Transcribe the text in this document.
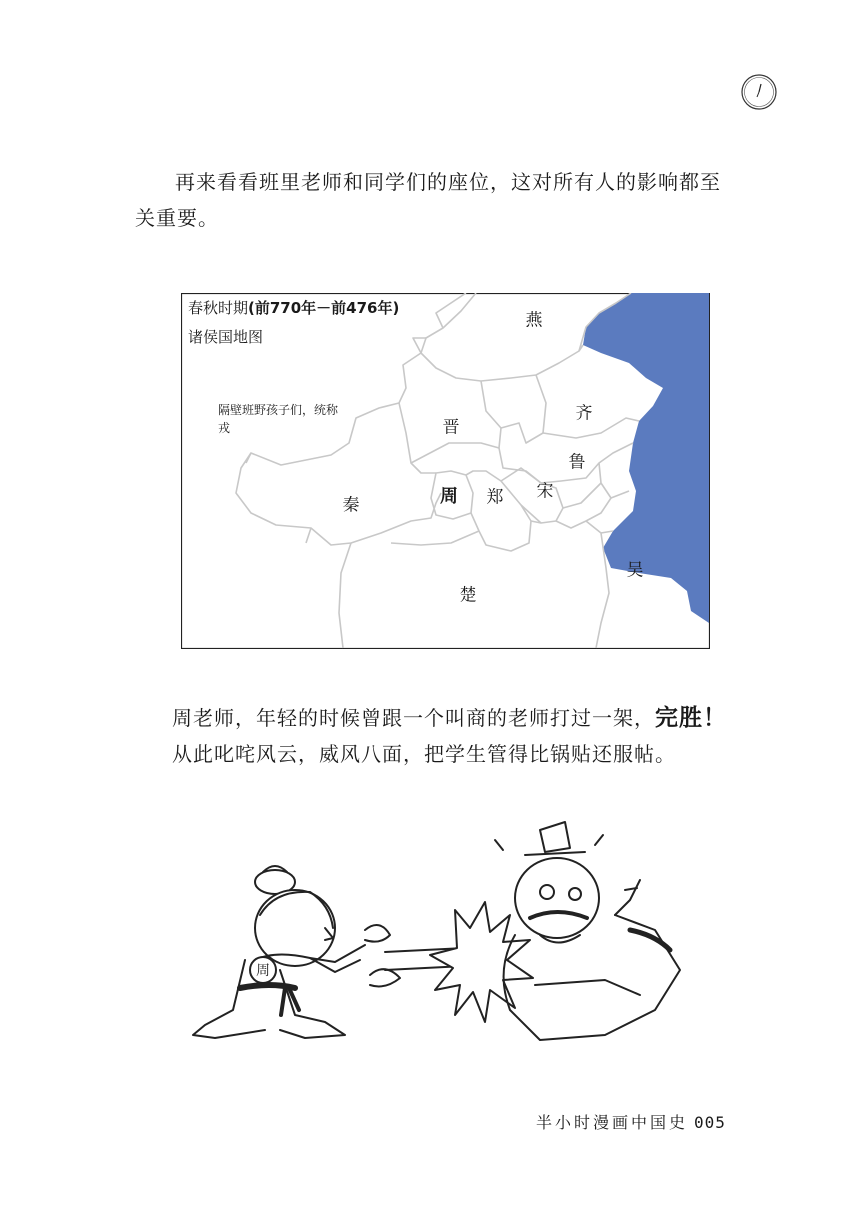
再来看看班里老师和同学们的座位，这对所有人的影响都至关重要。

春秋时期(前770年－前476年)

诸侯国地图

隔壁班野孩子们，统称戎

燕
齐
晋
鲁
秦	周 郑 宋
吴
楚

周老师，年轻的时候曾跟一个叫商的老师打过一架，完胜！
从此叱咤风云，威风八面，把学生管得比锅贴还服帖。

周
半小时漫画中国史 005
